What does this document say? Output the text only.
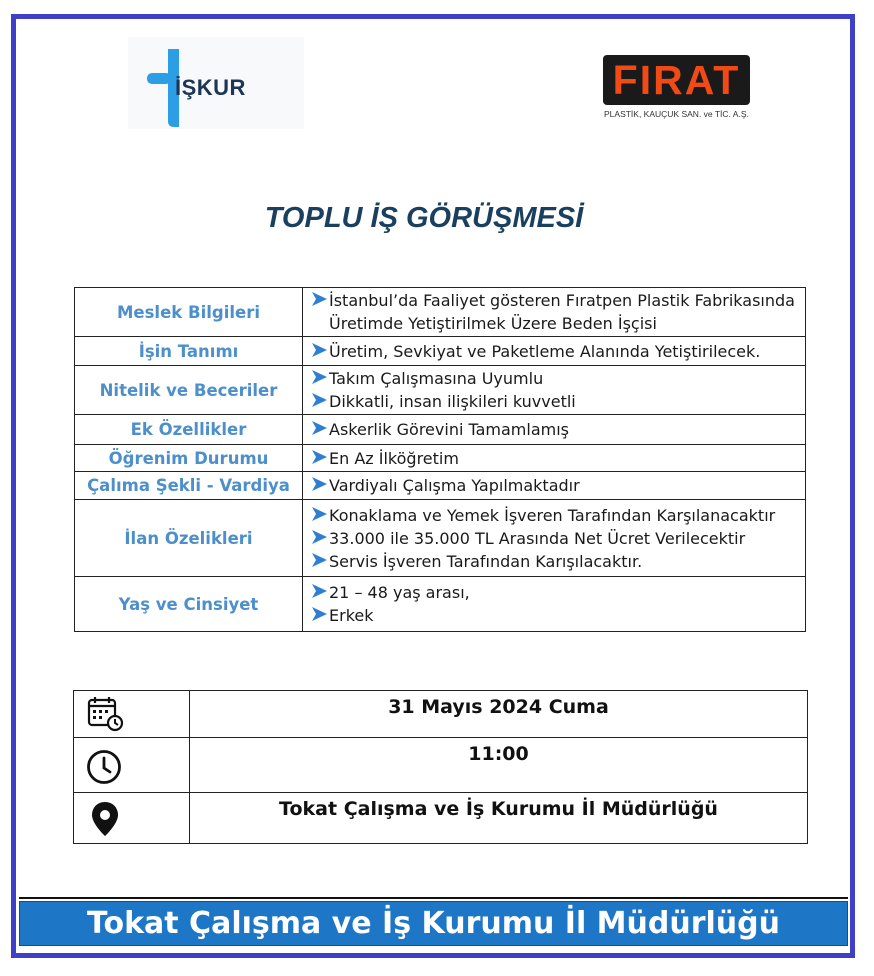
İŞKUR	FIRAT
PLASTİK, KAUÇUK SAN. ve TİC. A.Ş.
TOPLU İŞ GÖRÜŞMESİ
Meslek Bilgileri	İstanbul’da Faaliyet gösteren Fıratpen Plastik Fabrikasında
Üretimde Yetiştirilmek Üzere Beden İşçisi

İşin Tanımı	Üretim, Sevkiyat ve Paketleme Alanında Yetiştirilecek.

Nitelik ve Beceriler	Takım Çalışmasına Uyumlu
Dikkatli, insan ilişkileri kuvvetli

Ek Özellikler	Askerlik Görevini Tamamlamış

Öğrenim Durumu	En Az İlköğretim

Çalıma Şekli - Vardiya	Vardiyalı Çalışma Yapılmaktadır

İlan Özelikleri	Konaklama ve Yemek İşveren Tarafından Karşılanacaktır
33.000 ile 35.000 TL Arasında Net Ücret Verilecektir
Servis İşveren Tarafından Karışılacaktır.

Yaş ve Cinsiyet	21 – 48 yaş arası,
Erkek
	31 Mayıs 2024 Cuma
	11:00
	Tokat Çalışma ve İş Kurumu İl Müdürlüğü
Tokat Çalışma ve İş Kurumu İl Müdürlüğü
